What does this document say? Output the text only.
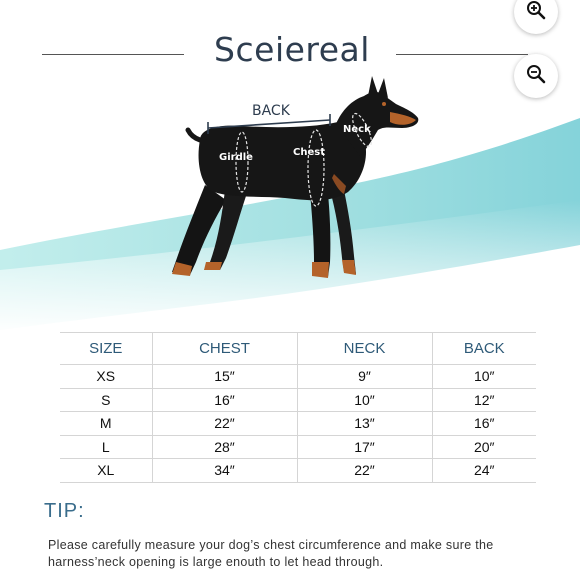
Sceiereal
BACK
Neck
Chest
Girdle
SIZE	CHEST	NECK	BACK
XS	15″	9″	10″
S	16″	10″	12″
M	22″	13″	16″
L	28″	17″	20″
XL	34″	22″	24″
TIP:
Please carefully measure your dog’s chest circumference and make sure the
harness’neck opening is large enouth to let head through.
